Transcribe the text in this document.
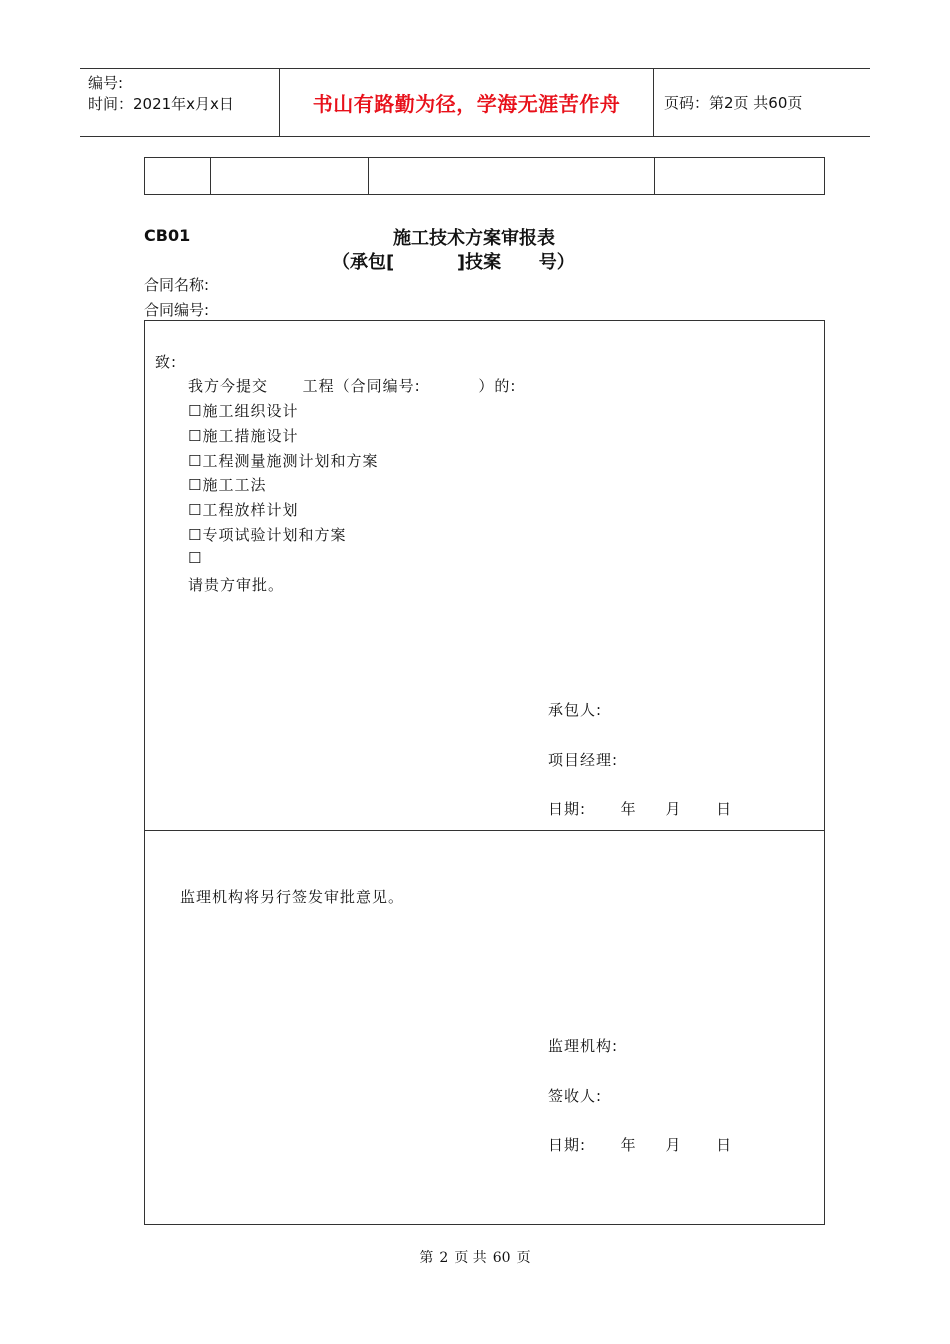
编号:
时间：2021年x月x日	书山有路勤为径，学海无涯苦作舟	页码：第2页 共60页

CB01	施工技术方案审报表
（承包[          ]技案      号）
合同名称:
合同编号:
致:
我方今提交      工程（合同编号:          ）的:
☐施工组织设计
☐施工措施设计
☐工程测量施测计划和方案
☐施工工法
☐工程放样计划
☐专项试验计划和方案
☐
请贵方审批。
承包人:
项目经理:
日期:      年     月      日
监理机构将另行签发审批意见。
监理机构:
签收人:
日期:      年     月      日
第 2 页 共 60 页
